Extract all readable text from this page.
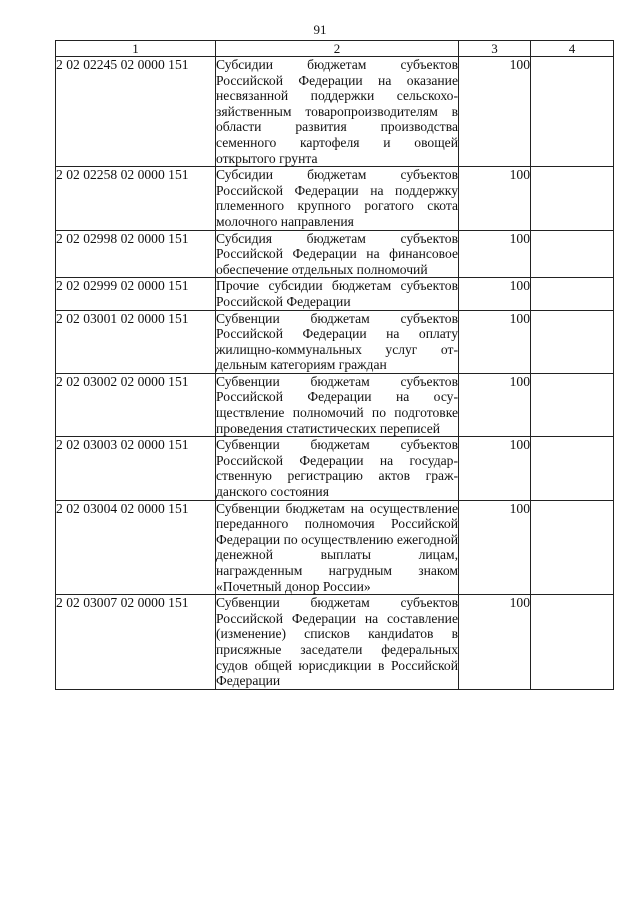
91
1	2	3	4
2 02 02245 02 0000 151	Субсидии бюджетам субъектов Российской Федерации на оказание несвязанной поддержки сельскохозяйственным товаропроизводителям в области развития производства семенного картофеля и овощей открытого грунта	100	
2 02 02258 02 0000 151	Субсидии бюджетам субъектов Российской Федерации на поддержку племенного крупного рогатого скота молочного направления	100	
2 02 02998 02 0000 151	Субсидия бюджетам субъектов Российской Федерации на финансовое обеспечение отдельных полномочий	100	
2 02 02999 02 0000 151	Прочие субсидии бюджетам субъектов Российской Федерации	100	
2 02 03001 02 0000 151	Субвенции бюджетам субъектов Российской Федерации на оплату жилищно-коммунальных услуг отдельным категориям граждан	100	
2 02 03002 02 0000 151	Субвенции бюджетам субъектов Российской Федерации на осуществление полномочий по подготовке проведения статистических переписей	100	
2 02 03003 02 0000 151	Субвенции бюджетам субъектов Российской Федерации на государственную регистрацию актов гражданского состояния	100	
2 02 03004 02 0000 151	Субвенции бюджетам на осуществление переданного полномочия Российской Федерации по осуществлению ежегодной денежной выплаты лицам, награжденным нагрудным знаком «Почетный донор России»	100	
2 02 03007 02 0000 151	Субвенции бюджетам субъектов Российской Федерации на составление (изменение) списков кандиdатов в присяжные заседатели федеральных судов общей юрисдикции в Российской Федерации	100	
